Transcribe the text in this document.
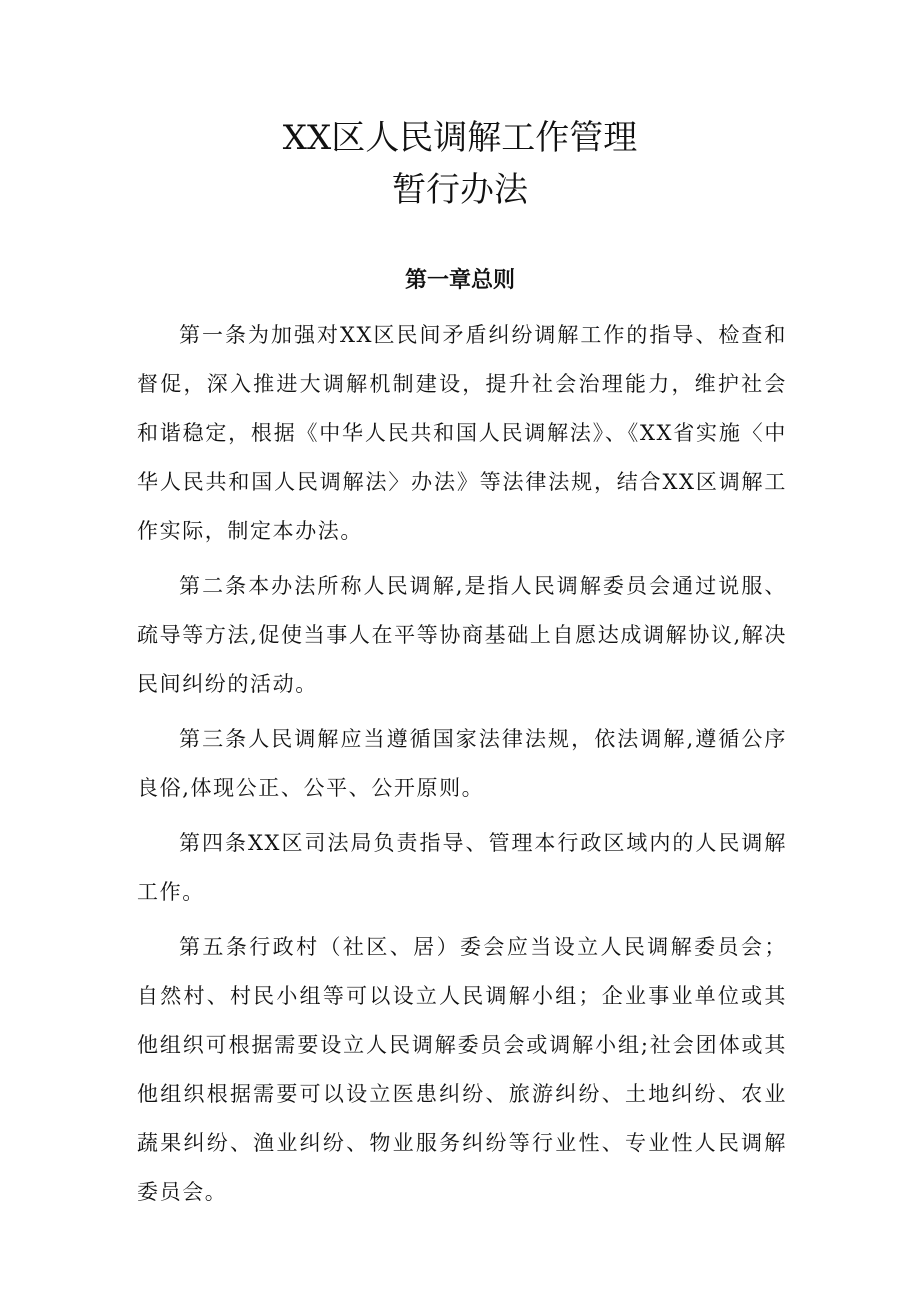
XX区人民调解工作管理
暂行办法
第一章总则

第一条为加强对XX区民间矛盾纠纷调解工作的指导、检查和督促，深入推进大调解机制建设，提升社会治理能力，维护社会和谐稳定，根据《中华人民共和国人民调解法》、《XX省实施〈中华人民共和国人民调解法〉办法》等法律法规，结合XX区调解工作实际，制定本办法。

第二条本办法所称人民调解,是指人民调解委员会通过说服、疏导等方法,促使当事人在平等协商基础上自愿达成调解协议,解决民间纠纷的活动。

第三条人民调解应当遵循国家法律法规，依法调解,遵循公序良俗,体现公正、公平、公开原则。

第四条XX区司法局负责指导、管理本行政区域内的人民调解工作。

第五条行政村（社区、居）委会应当设立人民调解委员会；自然村、村民小组等可以设立人民调解小组；企业事业单位或其他组织可根据需要设立人民调解委员会或调解小组;社会团体或其他组织根据需要可以设立医患纠纷、旅游纠纷、土地纠纷、农业蔬果纠纷、渔业纠纷、物业服务纠纷等行业性、专业性人民调解委员会。
